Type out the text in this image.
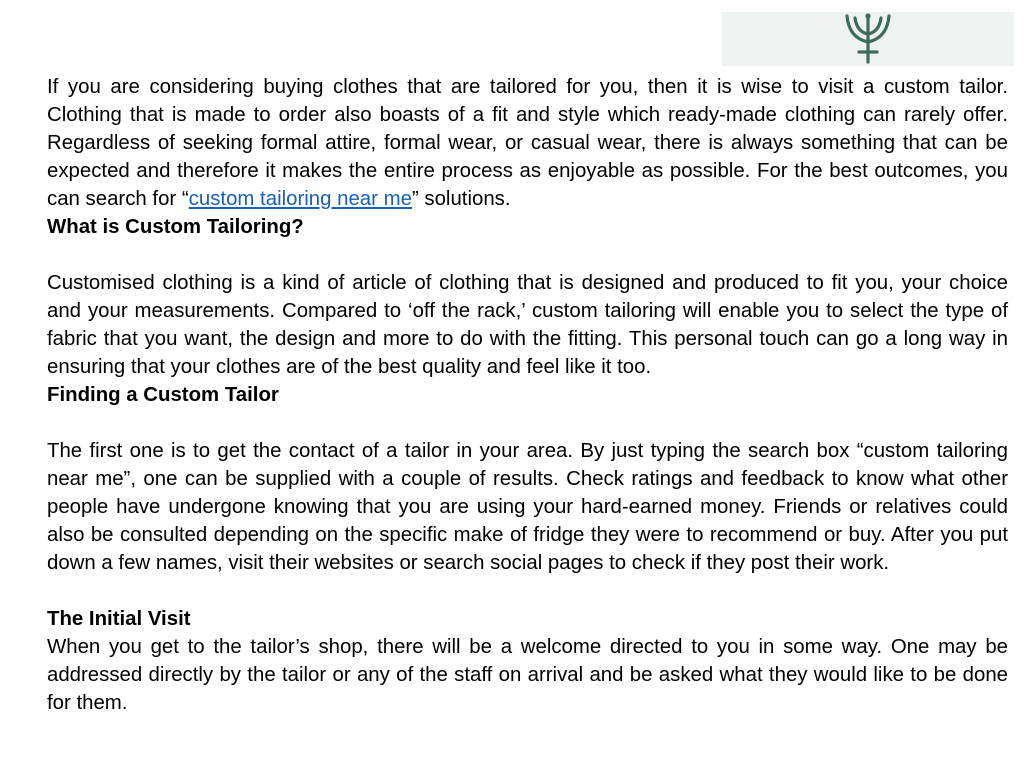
If you are considering buying clothes that are tailored for you, then it is wise to visit a custom tailor. Clothing that is made to order also boasts of a fit and style which ready-made clothing can rarely offer. Regardless of seeking formal attire, formal wear, or casual wear, there is always something that can be expected and therefore it makes the entire process as enjoyable as possible. For the best outcomes, you can search for “custom tailoring near me” solutions.

What is Custom Tailoring?

Customised clothing is a kind of article of clothing that is designed and produced to fit you, your choice and your measurements. Compared to ‘off the rack,’ custom tailoring will enable you to select the type of fabric that you want, the design and more to do with the fitting. This personal touch can go a long way in ensuring that your clothes are of the best quality and feel like it too.

Finding a Custom Tailor

The first one is to get the contact of a tailor in your area. By just typing the search box “custom tailoring near me”, one can be supplied with a couple of results. Check ratings and feedback to know what other people have undergone knowing that you are using your hard-earned money. Friends or relatives could also be consulted depending on the specific make of fridge they were to recommend or buy. After you put down a few names, visit their websites or search social pages to check if they post their work.

The Initial Visit

When you get to the tailor’s shop, there will be a welcome directed to you in some way. One may be addressed directly by the tailor or any of the staff on arrival and be asked what they would like to be done for them.
